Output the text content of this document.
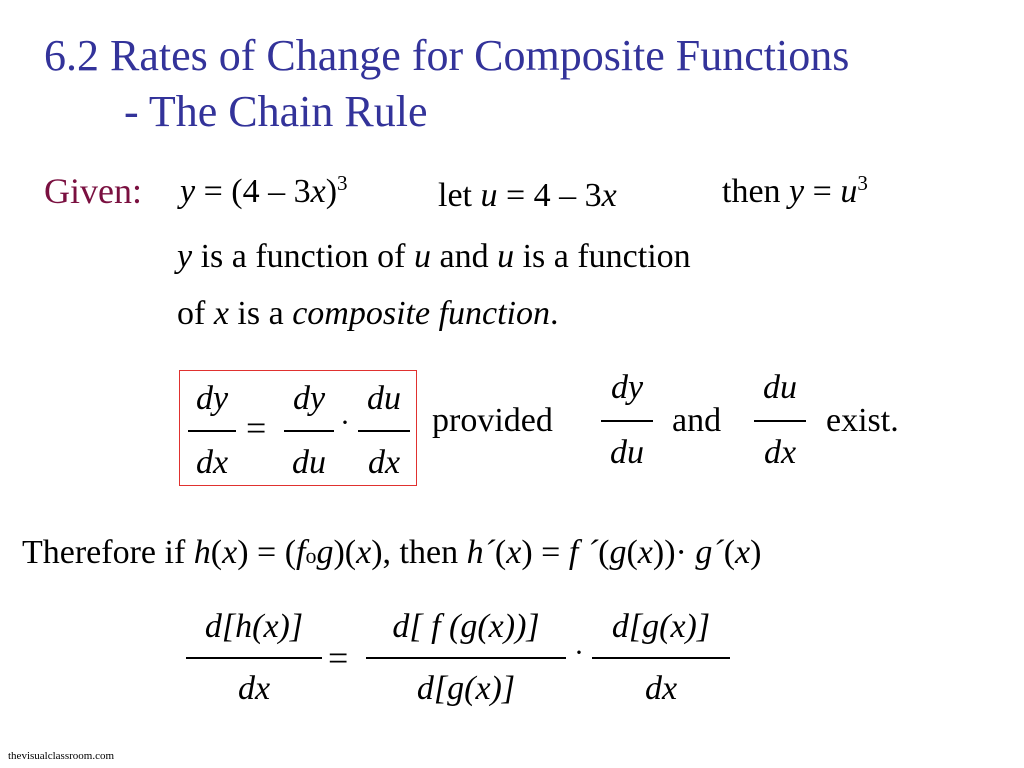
6.2 Rates of Change for Composite Functions
- The Chain Rule
Given: y = (4 – 3x)$^3$	let u = 4 – 3x	then $y = u^3$
y is a function of u and u is a function
of x is a composite function.
dy
dx
=
dy
du
·
du
dx
provided
dy
du
and
du
dx
exist.
Therefore if h(x) = (fog)(x), then h´(x) = f ´(g(x))· g´(x)
d[h(x)]
dx
=
d[ f (g(x))]
d[g(x)]
·
d[g(x)]
dx
thevisualclassroom.com
